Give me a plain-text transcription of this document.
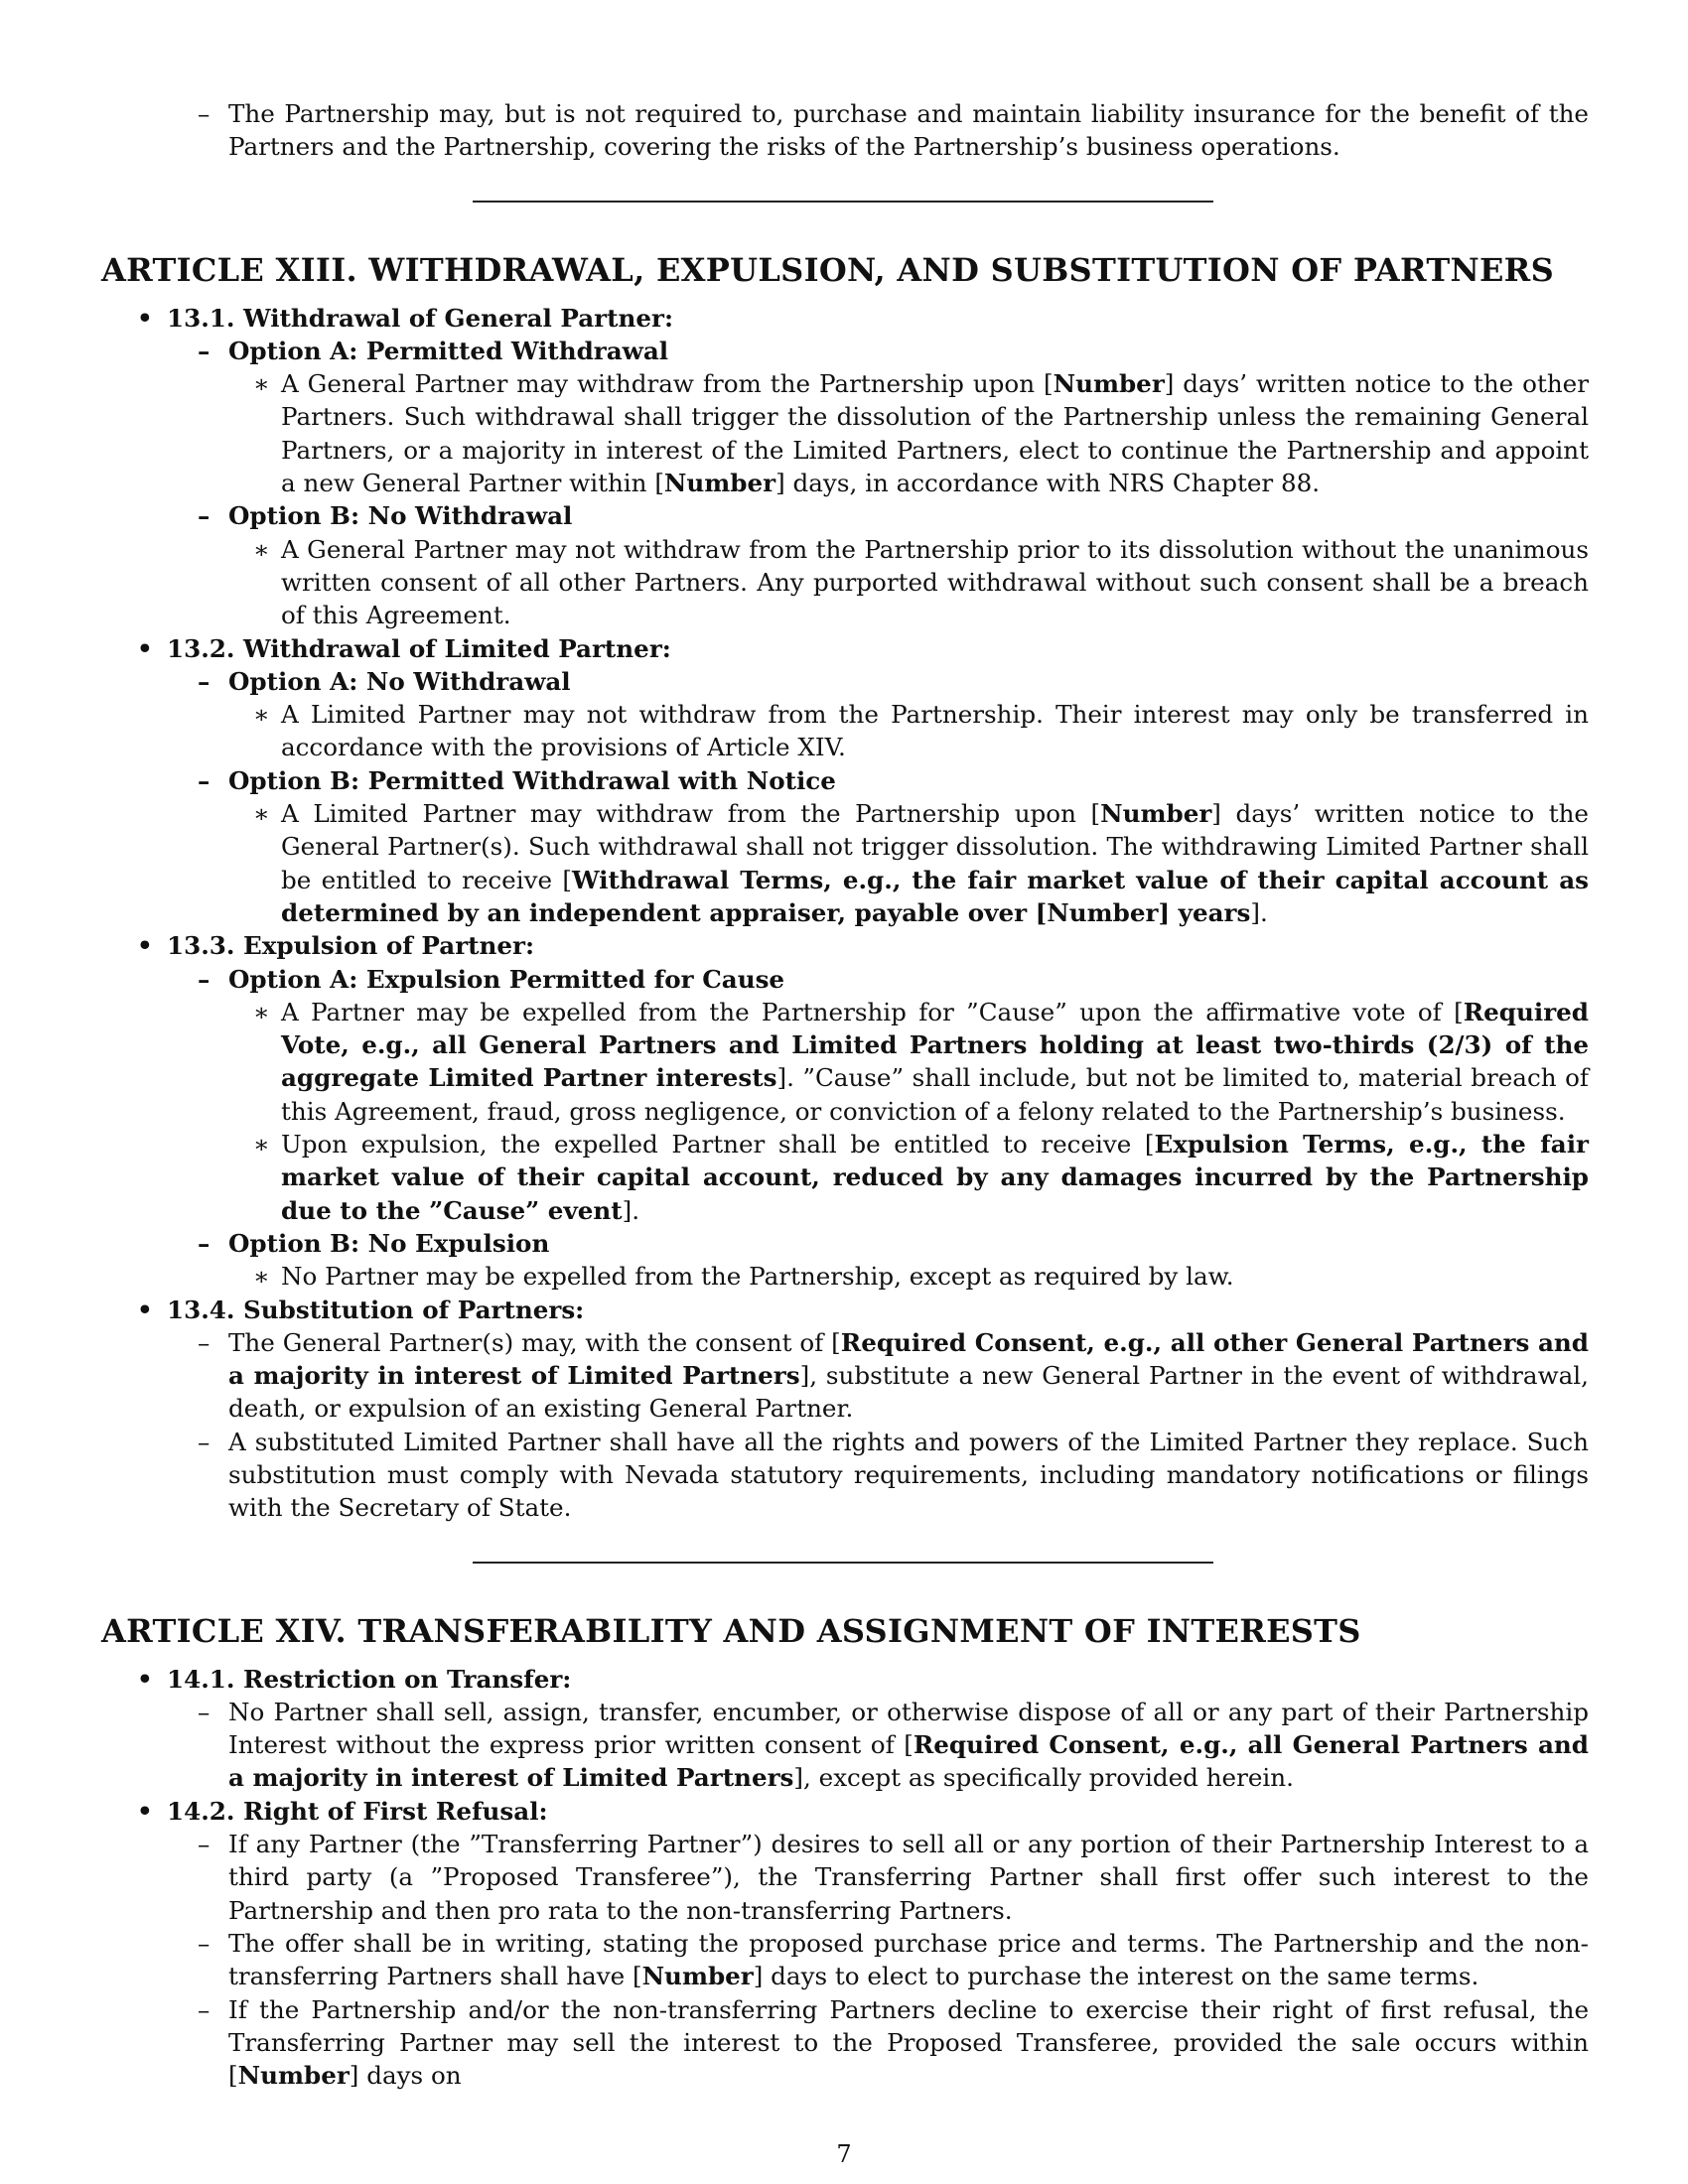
– The Partnership may, but is not required to, purchase and maintain liability insurance for the benefit of the Partners and the Partnership, covering the risks of the Partnership’s business operations.

ARTICLE XIII. WITHDRAWAL, EXPULSION, AND SUBSTITUTION OF PARTNERS

• 13.1. Withdrawal of General Partner:

– Option A: Permitted Withdrawal

∗ A General Partner may withdraw from the Partnership upon [Number] days’ written notice to the other Partners. Such withdrawal shall trigger the dissolution of the Partnership unless the remaining General Partners, or a majority in interest of the Limited Partners, elect to continue the Partnership and appoint a new General Partner within [Number] days, in accordance with NRS Chapter 88.

– Option B: No Withdrawal

∗ A General Partner may not withdraw from the Partnership prior to its dissolution without the unanimous written consent of all other Partners. Any purported withdrawal without such consent shall be a breach of this Agreement.

• 13.2. Withdrawal of Limited Partner:

– Option A: No Withdrawal

∗ A Limited Partner may not withdraw from the Partnership. Their interest may only be transferred in accordance with the provisions of Article XIV.

– Option B: Permitted Withdrawal with Notice

∗ A Limited Partner may withdraw from the Partnership upon [Number] days’ written notice to the General Partner(s). Such withdrawal shall not trigger dissolution. The withdrawing Limited Partner shall be entitled to receive [Withdrawal Terms, e.g., the fair market value of their capital account as determined by an independent appraiser, payable over [Number] years].

• 13.3. Expulsion of Partner:

– Option A: Expulsion Permitted for Cause

∗ A Partner may be expelled from the Partnership for ”Cause” upon the affirmative vote of [Required Vote, e.g., all General Partners and Limited Partners holding at least two-thirds (2/3) of the aggregate Limited Partner interests]. ”Cause” shall include, but not be limited to, material breach of this Agreement, fraud, gross negligence, or conviction of a felony related to the Partnership’s business.

∗ Upon expulsion, the expelled Partner shall be entitled to receive [Expulsion Terms, e.g., the fair market value of their capital account, reduced by any damages incurred by the Partnership due to the ”Cause” event].

– Option B: No Expulsion

∗ No Partner may be expelled from the Partnership, except as required by law.

• 13.4. Substitution of Partners:

– The General Partner(s) may, with the consent of [Required Consent, e.g., all other General Partners and a majority in interest of Limited Partners], substitute a new General Partner in the event of withdrawal, death, or expulsion of an existing General Partner.

– A substituted Limited Partner shall have all the rights and powers of the Limited Partner they replace. Such substitution must comply with Nevada statutory requirements, including mandatory notifications or filings with the Secretary of State.

ARTICLE XIV. TRANSFERABILITY AND ASSIGNMENT OF INTERESTS

• 14.1. Restriction on Transfer:

– No Partner shall sell, assign, transfer, encumber, or otherwise dispose of all or any part of their Partnership Interest without the express prior written consent of [Required Consent, e.g., all General Partners and a majority in interest of Limited Partners], except as specifically provided herein.

• 14.2. Right of First Refusal:

– If any Partner (the ”Transferring Partner”) desires to sell all or any portion of their Partnership Interest to a third party (a ”Proposed Transferee”), the Transferring Partner shall first offer such interest to the Partnership and then pro rata to the non-transferring Partners.

– The offer shall be in writing, stating the proposed purchase price and terms. The Partnership and the non-transferring Partners shall have [Number] days to elect to purchase the interest on the same terms.

– If the Partnership and/or the non-transferring Partners decline to exercise their right of first refusal, the Transferring Partner may sell the interest to the Proposed Transferee, provided the sale occurs within [Number] days on

7
